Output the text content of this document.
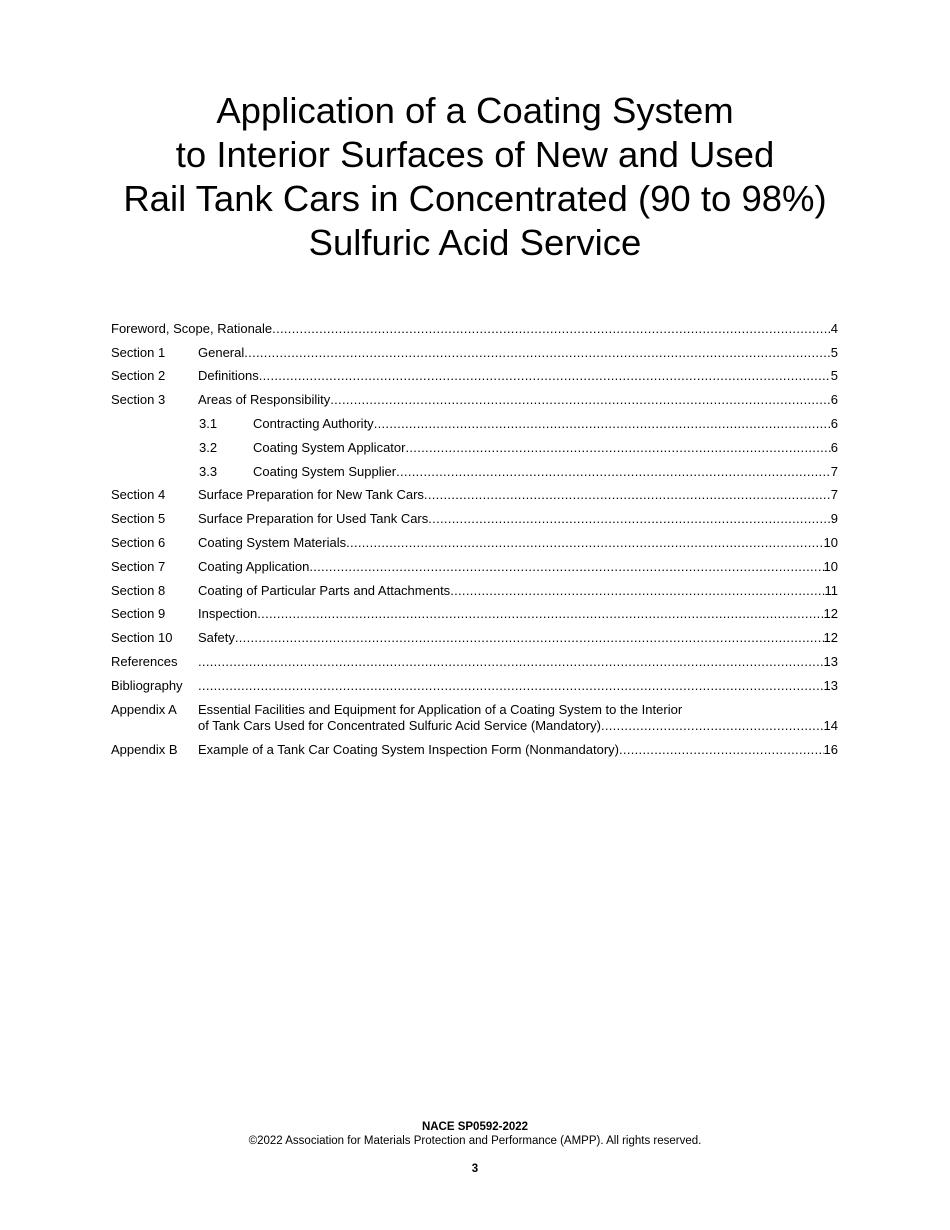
Application of a Coating System
to Interior Surfaces of New and Used
Rail Tank Cars in Concentrated (90 to 98%)
Sulfuric Acid Service
Foreword, Scope, Rationale .....	4
Section 1	General .....	5
Section 2	Definitions .....	5
Section 3	Areas of Responsibility .....	6
3.1	Contracting Authority .....	6
3.2	Coating System Applicator .....	6
3.3	Coating System Supplier .....	7
Section 4	Surface Preparation for New Tank Cars .....	7
Section 5	Surface Preparation for Used Tank Cars .....	9
Section 6	Coating System Materials .....	10
Section 7	Coating Application .....	10
Section 8	Coating of Particular Parts and Attachments .....	11
Section 9	Inspection .....	12
Section 10	Safety .....	12
References .....	13
Bibliography .....	13
Appendix A	Essential Facilities and Equipment for Application of a Coating System to the Interior
of Tank Cars Used for Concentrated Sulfuric Acid Service (Mandatory) .....	14
Appendix B	Example of a Tank Car Coating System Inspection Form (Nonmandatory) .....	16
NACE SP0592-2022
©2022 Association for Materials Protection and Performance (AMPP). All rights reserved.
3
